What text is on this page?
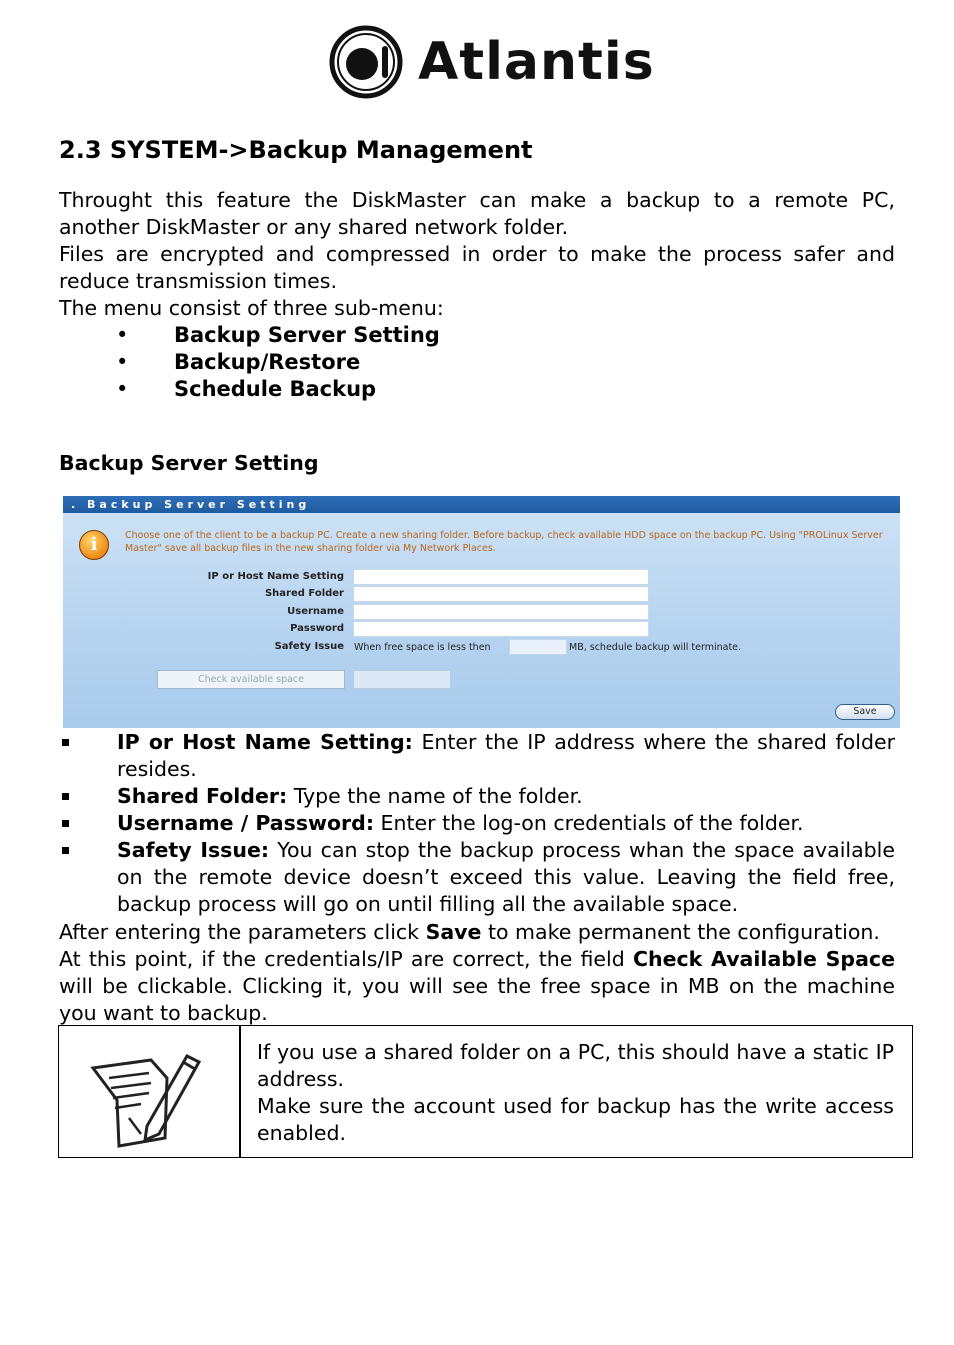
Atlantis
2.3 SYSTEM->Backup Management

Throught this feature the DiskMaster can make a backup to a remote PC, another DiskMaster or any shared network folder.

Files are encrypted and compressed in order to make the process safer and reduce transmission times.

The menu consist of three sub-menu:

• Backup Server Setting
• Backup/Restore
• Schedule Backup
Backup Server Setting
. Backup Server Setting
i	Choose one of the client to be a backup PC. Create a new sharing folder. Before backup, check available HDD space on the backup PC. Using "PROLinux Server Master" save all backup files in the new sharing folder via My Network Places.
IP or Host Name Setting
Shared Folder
Username
Password
Safety Issue When free space is less then	MB, schedule backup will terminate.
Check available space
Save
IP or Host Name Setting: Enter the IP address where the shared folder resides.
Shared Folder: Type the name of the folder.
Username / Password: Enter the log-on credentials of the folder.
Safety Issue: You can stop the backup process whan the space available on the remote device doesn’t exceed this value. Leaving the field free, backup process will go on until filling all the available space.

After entering the parameters click Save to make permanent the configuration.

At this point, if the credentials/IP are correct, the field Check Available Space will be clickable. Clicking it, you will see the free space in MB on the machine you want to backup.

If you use a shared folder on a PC, this should have a static IP address.
Make sure the account used for backup has the write access enabled.
